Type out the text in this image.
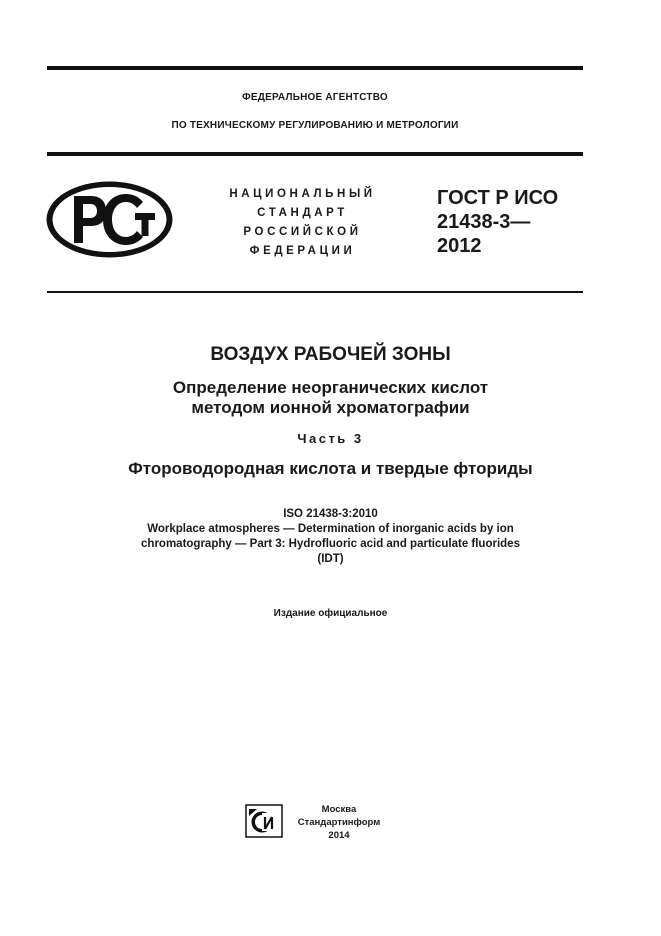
ФЕДЕРАЛЬНОЕ АГЕНТСТВО
ПО ТЕХНИЧЕСКОМУ РЕГУЛИРОВАНИЮ И МЕТРОЛОГИИ
НАЦИОНАЛЬНЫЙ
СТАНДАРТ
РОССИЙСКОЙ
ФЕДЕРАЦИИ
ГОСТ Р ИСО
21438-3—
2012
ВОЗДУХ РАБОЧЕЙ ЗОНЫ
Определение неорганических кислот
методом ионной хроматографии
Часть 3
Фтороводородная кислота и твердые фториды
ISO 21438-3:2010
Workplace atmospheres — Determination of inorganic acids by ion
chromatography — Part 3: Hydrofluoric acid and particulate fluorides
(IDT)
Издание официальное
Москва
Стандартинформ
2014
